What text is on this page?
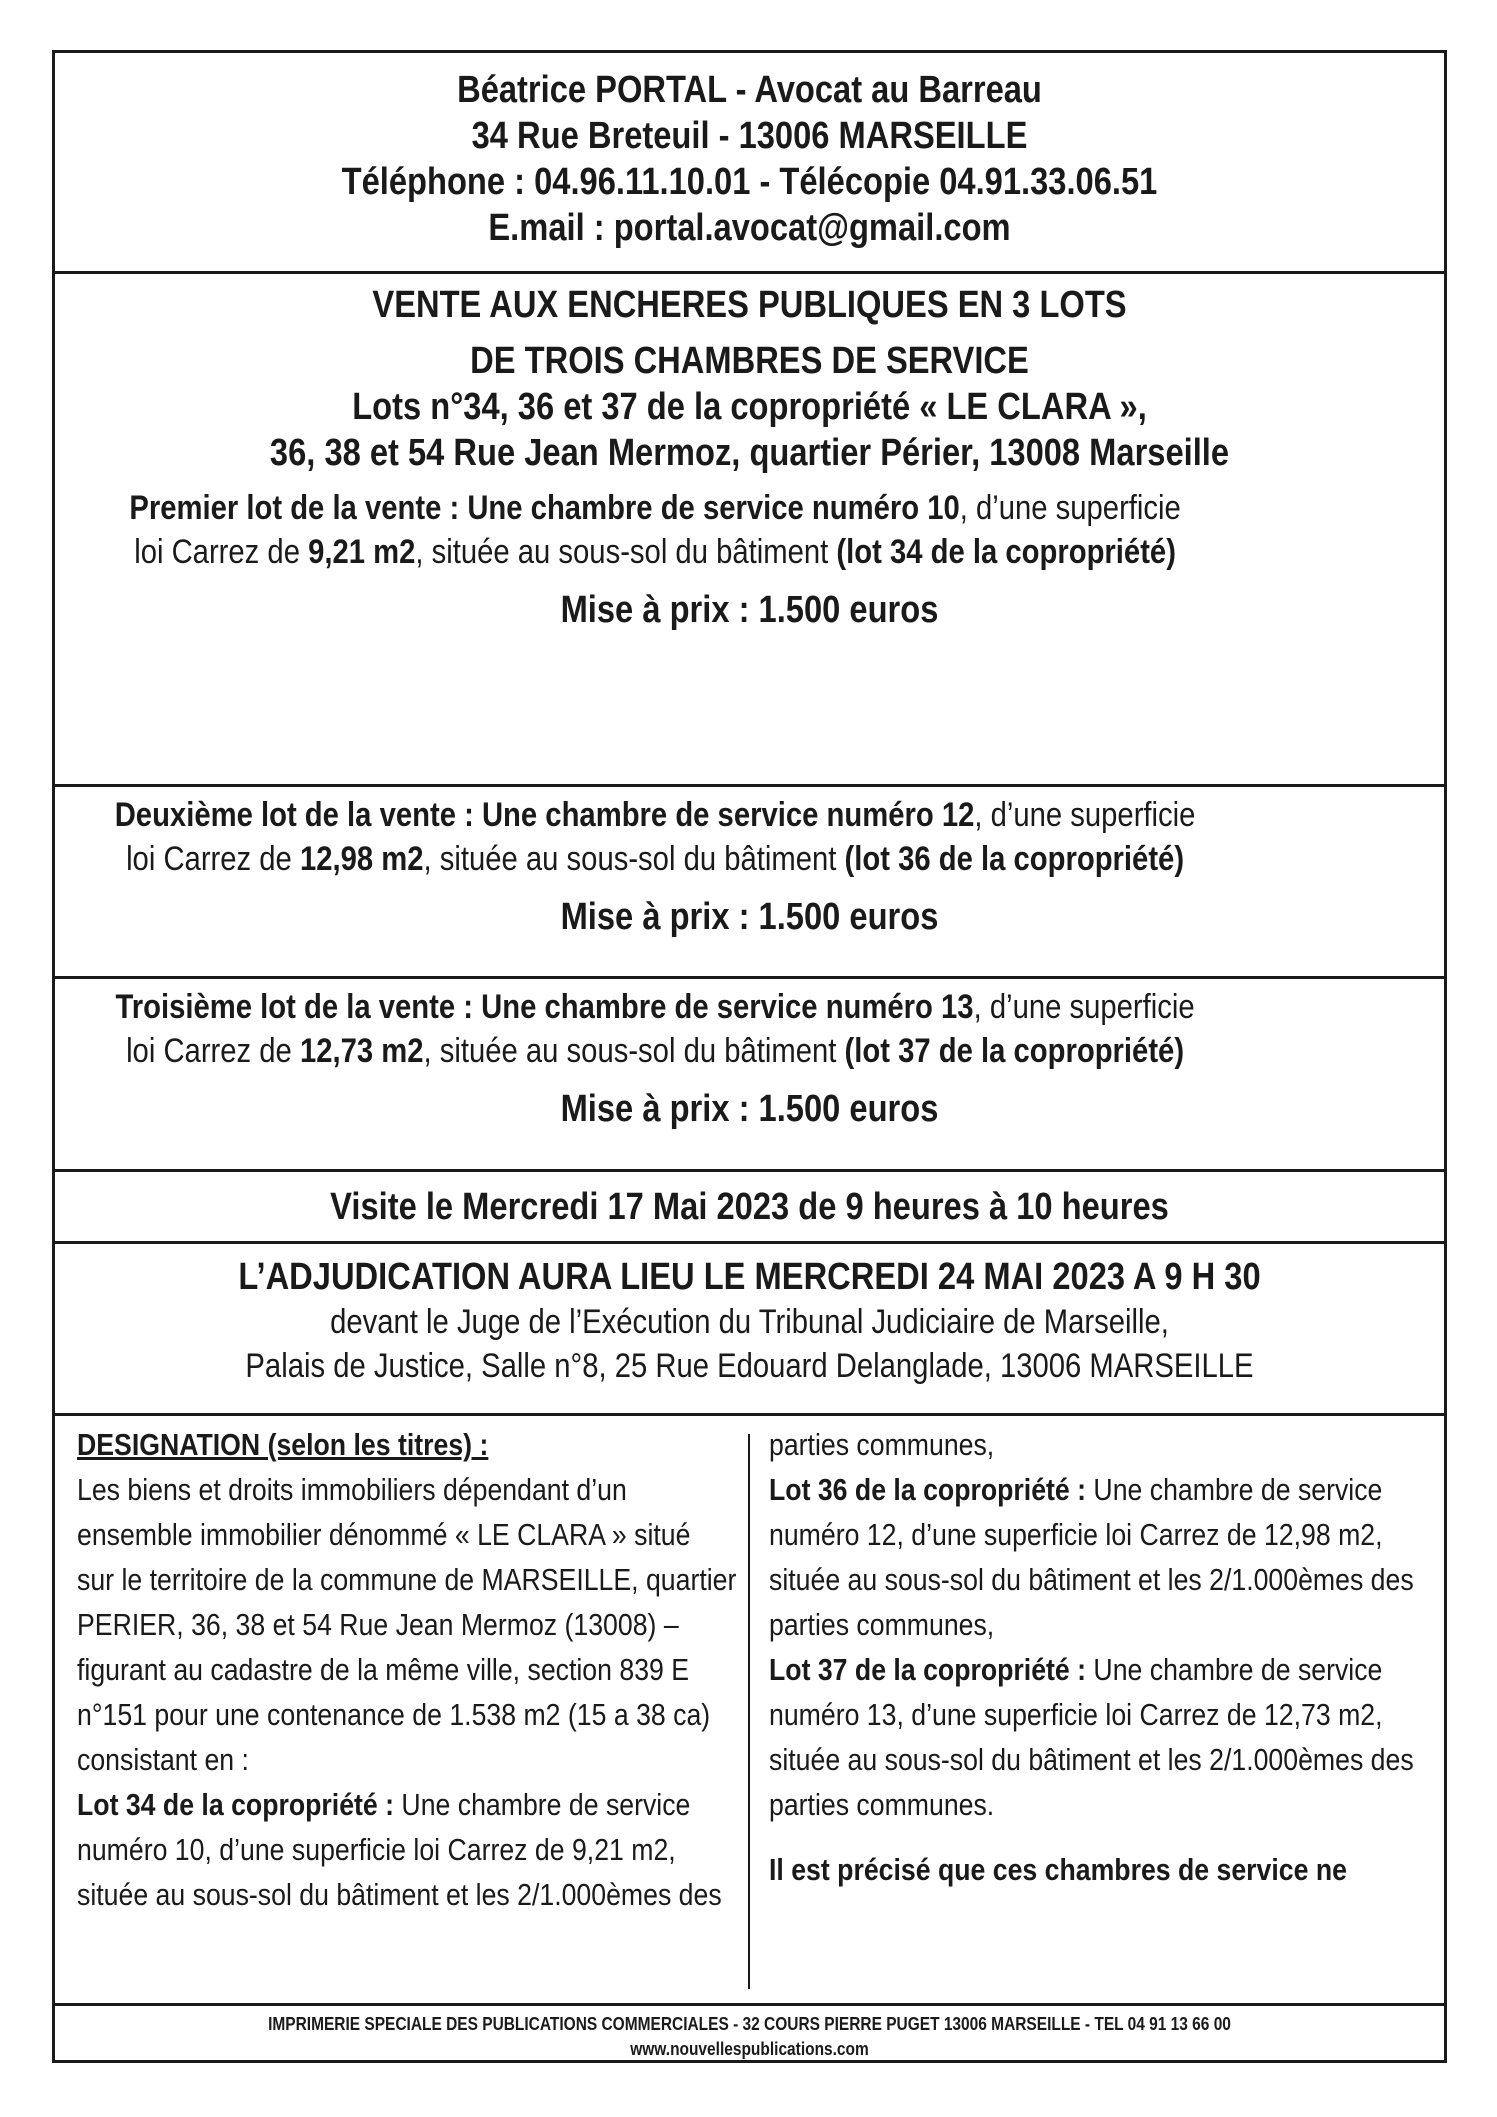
Béatrice PORTAL - Avocat au Barreau

34 Rue Breteuil - 13006 MARSEILLE

Téléphone : 04.96.11.10.01 - Télécopie 04.91.33.06.51

E.mail : portal.avocat@gmail.com

VENTE AUX ENCHERES PUBLIQUES EN 3 LOTS

DE TROIS CHAMBRES DE SERVICE

Lots n°34, 36 et 37 de la copropriété « LE CLARA »,

36, 38 et 54 Rue Jean Mermoz, quartier Périer, 13008 Marseille

Premier lot de la vente : Une chambre de service numéro 10, d’une superficie
loi Carrez de 9,21 m2, située au sous-sol du bâtiment (lot 34 de la copropriété)

Mise à prix : 1.500 euros

Deuxième lot de la vente : Une chambre de service numéro 12, d’une superficie
loi Carrez de 12,98 m2, située au sous-sol du bâtiment (lot 36 de la copropriété)

Mise à prix : 1.500 euros

Troisième lot de la vente : Une chambre de service numéro 13, d’une superficie
loi Carrez de 12,73 m2, située au sous-sol du bâtiment (lot 37 de la copropriété)

Mise à prix : 1.500 euros

Visite le Mercredi 17 Mai 2023 de 9 heures à 10 heures

L’ADJUDICATION AURA LIEU LE MERCREDI 24 MAI 2023 A 9 H 30

devant le Juge de l’Exécution du Tribunal Judiciaire de Marseille,

Palais de Justice, Salle n°8, 25 Rue Edouard Delanglade, 13006 MARSEILLE

DESIGNATION (selon les titres) :

Les biens et droits immobiliers dépendant d’un

ensemble immobilier dénommé « LE CLARA » situé

sur le territoire de la commune de MARSEILLE, quartier

PERIER, 36, 38 et 54 Rue Jean Mermoz (13008) –

figurant au cadastre de la même ville, section 839 E

n°151 pour une contenance de 1.538 m2 (15 a 38 ca)

consistant en :

Lot 34 de la copropriété : Une chambre de service

numéro 10, d’une superficie loi Carrez de 9,21 m2,

située au sous-sol du bâtiment et les 2/1.000èmes des

parties communes,

Lot 36 de la copropriété : Une chambre de service

numéro 12, d’une superficie loi Carrez de 12,98 m2,

située au sous-sol du bâtiment et les 2/1.000èmes des

parties communes,

Lot 37 de la copropriété : Une chambre de service

numéro 13, d’une superficie loi Carrez de 12,73 m2,

située au sous-sol du bâtiment et les 2/1.000èmes des

parties communes.

Il est précisé que ces chambres de service ne

IMPRIMERIE SPECIALE DES PUBLICATIONS COMMERCIALES - 32 COURS PIERRE PUGET 13006 MARSEILLE - TEL 04 91 13 66 00

www.nouvellespublications.com
